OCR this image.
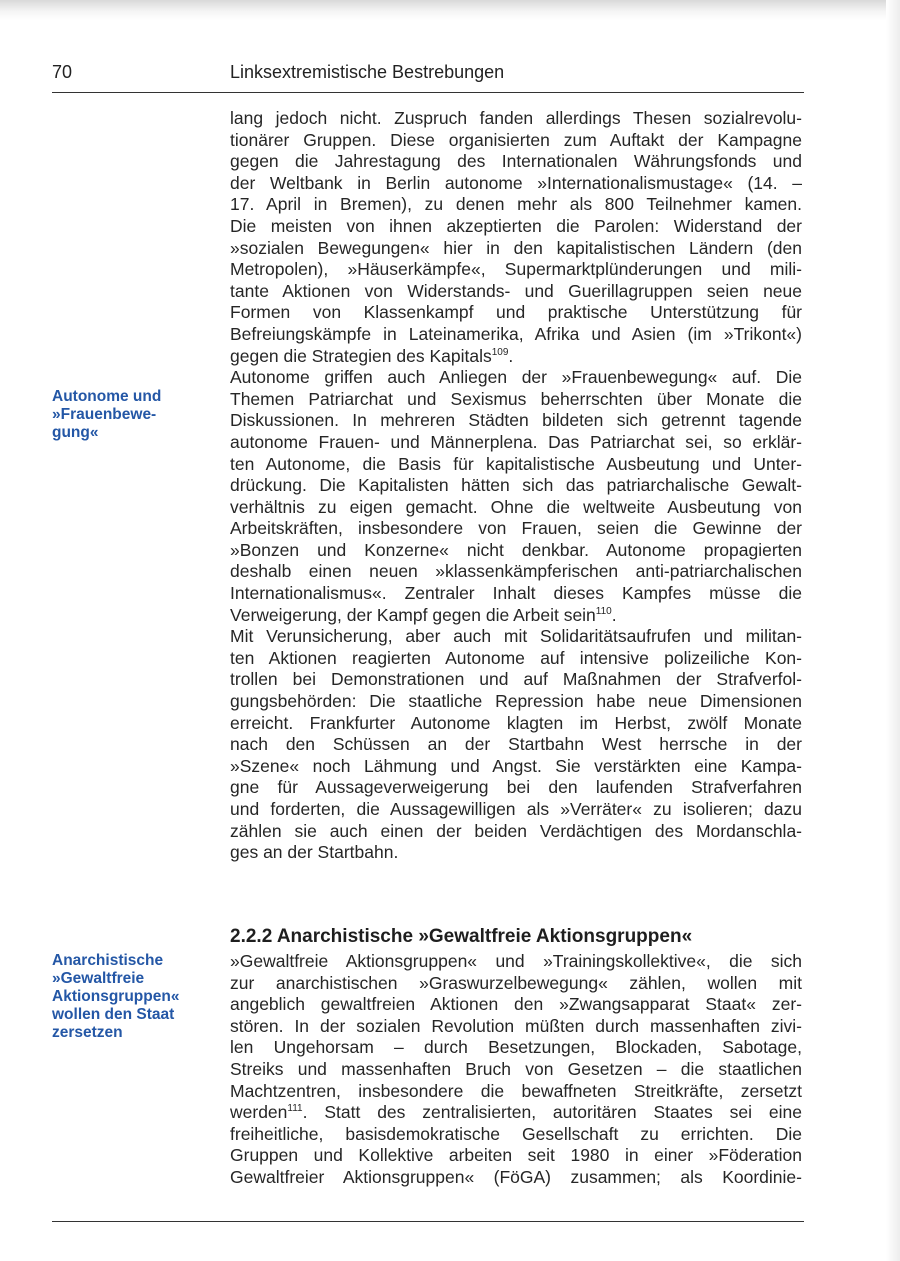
70	Linksextremistische Bestrebungen
Autonome und
»Frauenbewe-
gung«
Anarchistische
»Gewaltfreie
Aktionsgruppen«
wollen den Staat
zersetzen
lang jedoch nicht. Zuspruch fanden allerdings Thesen sozialrevolu-
tionärer Gruppen. Diese organisierten zum Auftakt der Kampagne
gegen die Jahrestagung des Internationalen Währungsfonds und
der Weltbank in Berlin autonome »Internationalismustage« (14. –
17. April in Bremen), zu denen mehr als 800 Teilnehmer kamen.
Die meisten von ihnen akzeptierten die Parolen: Widerstand der
»sozialen Bewegungen« hier in den kapitalistischen Ländern (den
Metropolen), »Häuserkämpfe«, Supermarktplünderungen und mili-
tante Aktionen von Widerstands- und Guerillagruppen seien neue
Formen von Klassenkampf und praktische Unterstützung für
Befreiungskämpfe in Lateinamerika, Afrika und Asien (im »Trikont«)
gegen die Strategien des Kapitals$^{109}$.
Autonome griffen auch Anliegen der »Frauenbewegung« auf. Die
Themen Patriarchat und Sexismus beherrschten über Monate die
Diskussionen. In mehreren Städten bildeten sich getrennt tagende
autonome Frauen- und Männerplena. Das Patriarchat sei, so erklär-
ten Autonome, die Basis für kapitalistische Ausbeutung und Unter-
drückung. Die Kapitalisten hätten sich das patriarchalische Gewalt-
verhältnis zu eigen gemacht. Ohne die weltweite Ausbeutung von
Arbeitskräften, insbesondere von Frauen, seien die Gewinne der
»Bonzen und Konzerne« nicht denkbar. Autonome propagierten
deshalb einen neuen »klassenkämpferischen anti-patriarchalischen
Internationalismus«. Zentraler Inhalt dieses Kampfes müsse die
Verweigerung, der Kampf gegen die Arbeit sein$^{110}$.
Mit Verunsicherung, aber auch mit Solidaritätsaufrufen und militan-
ten Aktionen reagierten Autonome auf intensive polizeiliche Kon-
trollen bei Demonstrationen und auf Maßnahmen der Strafverfol-
gungsbehörden: Die staatliche Repression habe neue Dimensionen
erreicht. Frankfurter Autonome klagten im Herbst, zwölf Monate
nach den Schüssen an der Startbahn West herrsche in der
»Szene« noch Lähmung und Angst. Sie verstärkten eine Kampa-
gne für Aussageverweigerung bei den laufenden Strafverfahren
und forderten, die Aussagewilligen als »Verräter« zu isolieren; dazu
zählen sie auch einen der beiden Verdächtigen des Mordanschla-
ges an der Startbahn.
2.2.2 Anarchistische »Gewaltfreie Aktionsgruppen«
»Gewaltfreie Aktionsgruppen« und »Trainingskollektive«, die sich
zur anarchistischen »Graswurzelbewegung« zählen, wollen mit
angeblich gewaltfreien Aktionen den »Zwangsapparat Staat« zer-
stören. In der sozialen Revolution müßten durch massenhaften zivi-
len Ungehorsam – durch Besetzungen, Blockaden, Sabotage,
Streiks und massenhaften Bruch von Gesetzen – die staatlichen
Machtzentren, insbesondere die bewaffneten Streitkräfte, zersetzt
werden$^{111}$. Statt des zentralisierten, autoritären Staates sei eine
freiheitliche, basisdemokratische Gesellschaft zu errichten. Die
Gruppen und Kollektive arbeiten seit 1980 in einer »Föderation
Gewaltfreier Aktionsgruppen« (FöGA) zusammen; als Koordinie-
